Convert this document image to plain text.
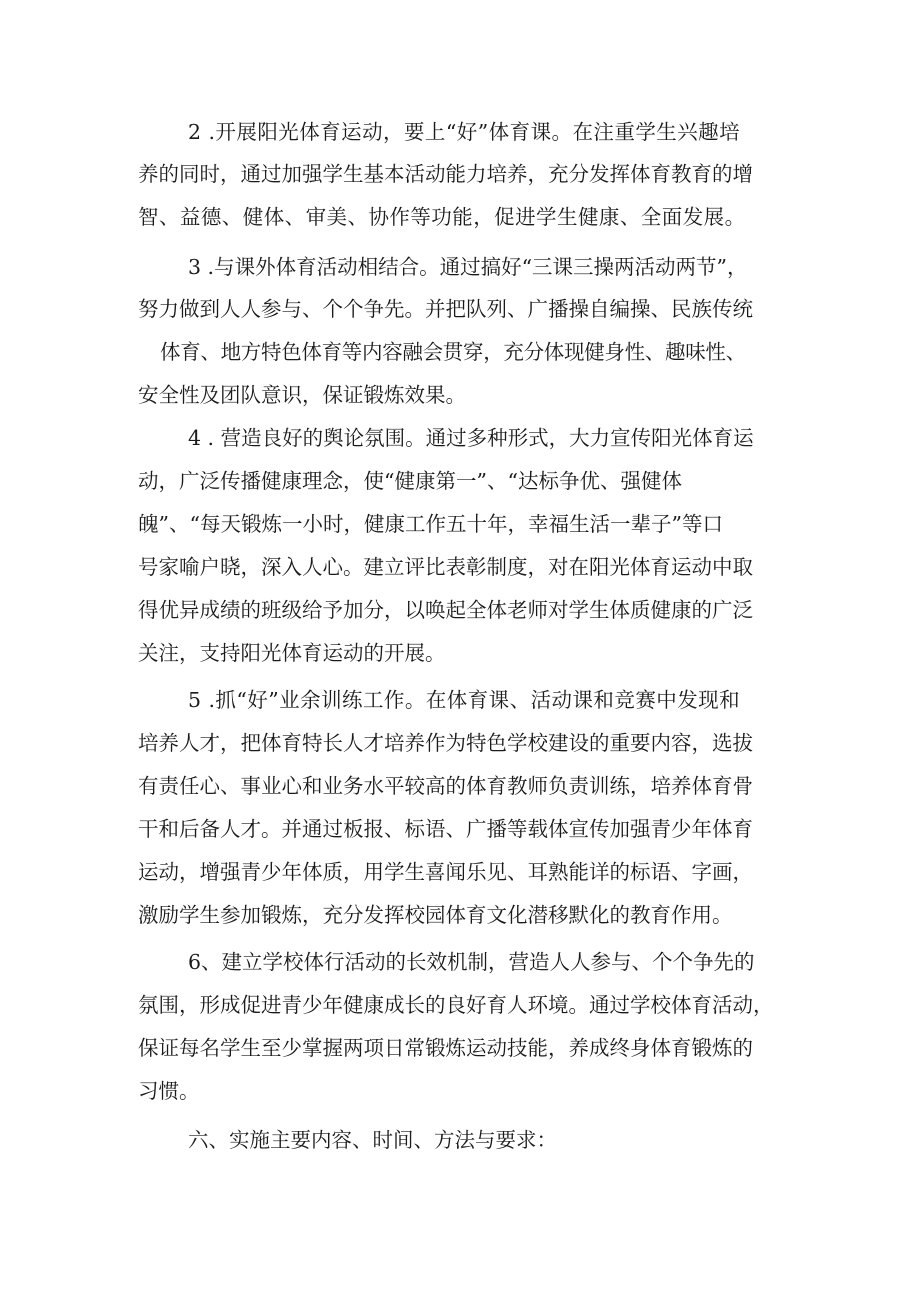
2 .开展阳光体育运动，要上“好”体育课。在注重学生兴趣培

养的同时，通过加强学生基本活动能力培养，充分发挥体育教育的增

智、益德、健体、审美、协作等功能，促进学生健康、全面发展。

3 .与课外体育活动相结合。通过搞好“三课三操两活动两节”，

努力做到人人参与、个个争先。并把队列、广播操自编操、民族传统

体育、地方特色体育等内容融会贯穿，充分体现健身性、趣味性、

安全性及团队意识，保证锻炼效果。

4 . 营造良好的舆论氛围。通过多种形式，大力宣传阳光体育运

动，广泛传播健康理念，使“健康第一”、“达标争优、强健体

魄”、“每天锻炼一小时，健康工作五十年，幸福生活一辈子”等口

号家喻户晓，深入人心。建立评比表彰制度，对在阳光体育运动中取

得优异成绩的班级给予加分，以唤起全体老师对学生体质健康的广泛

关注，支持阳光体育运动的开展。

5 .抓“好”业余训练工作。在体育课、活动课和竞赛中发现和

培养人才，把体育特长人才培养作为特色学校建设的重要内容，选拔

有责任心、事业心和业务水平较高的体育教师负责训练，培养体育骨

干和后备人才。并通过板报、标语、广播等载体宣传加强青少年体育

运动，增强青少年体质，用学生喜闻乐见、耳熟能详的标语、字画，

激励学生参加锻炼，充分发挥校园体育文化潜移默化的教育作用。

6、建立学校体行活动的长效机制，营造人人参与、个个争先的

氛围，形成促进青少年健康成长的良好育人环境。通过学校体育活动，

保证每名学生至少掌握两项日常锻炼运动技能，养成终身体育锻炼的

习惯。

六、实施主要内容、时间、方法与要求：
